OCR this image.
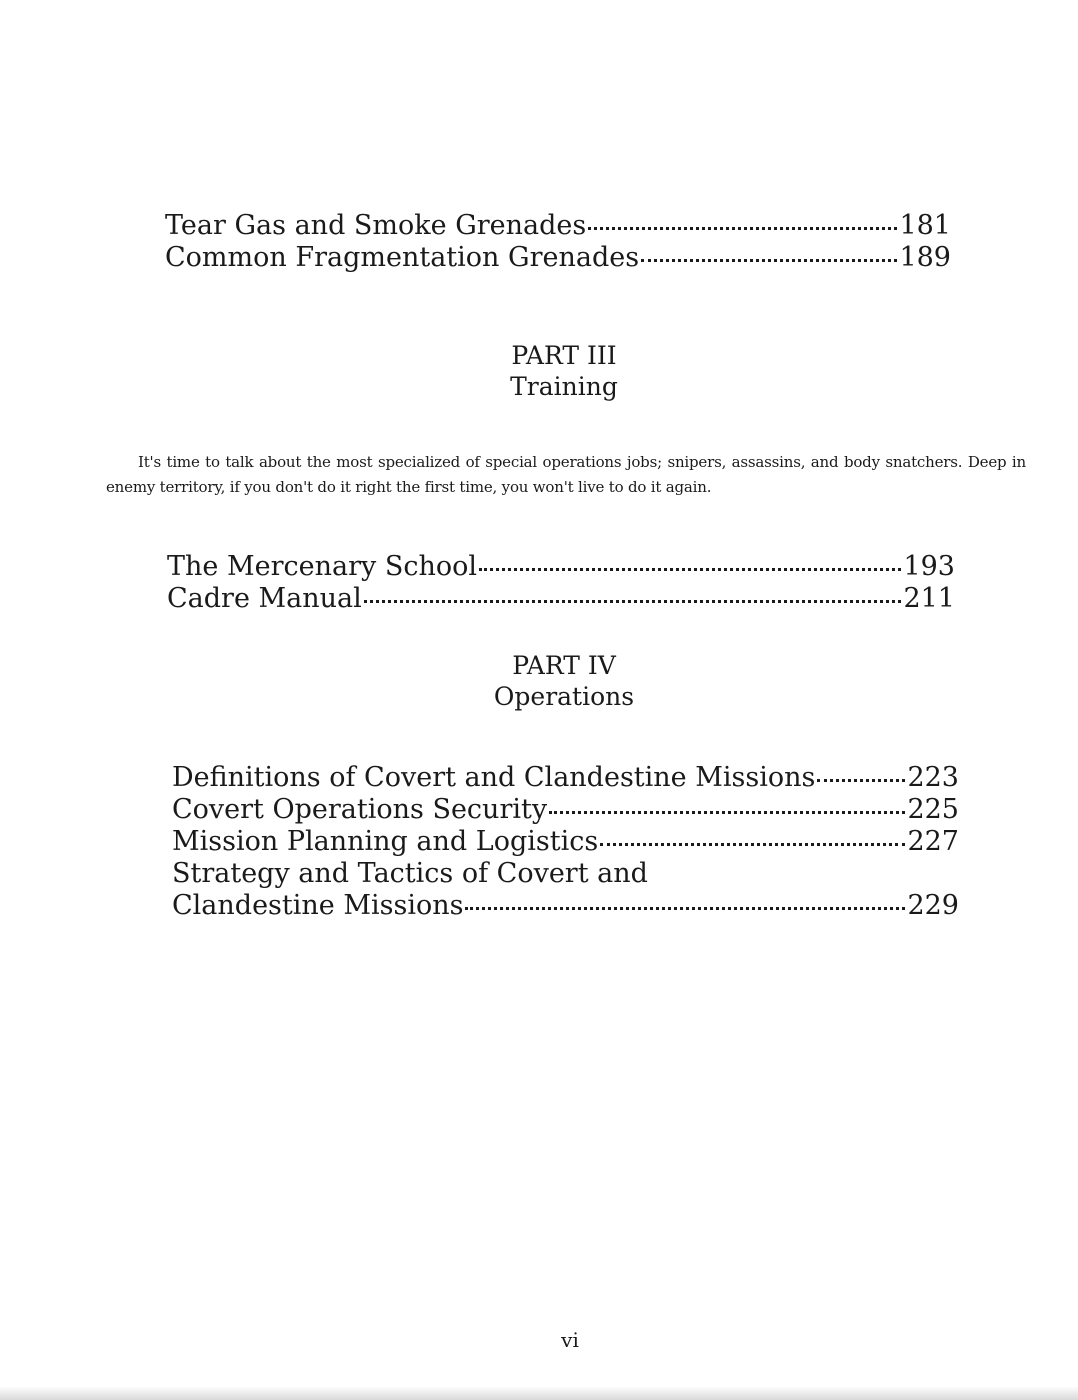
Tear Gas and Smoke Grenades	181
Common Fragmentation Grenades	189
PART III
Training
It's time to talk about the most specialized of special operations jobs; snipers, assassins, and body snatchers. Deep in enemy territory, if you don't do it right the first time, you won't live to do it again.
The Mercenary School	193
Cadre Manual	211
PART IV
Operations
Definitions of Covert and Clandestine Missions	223
Covert Operations Security	225
Mission Planning and Logistics	227
Strategy and Tactics of Covert and
Clandestine Missions	229
vi
